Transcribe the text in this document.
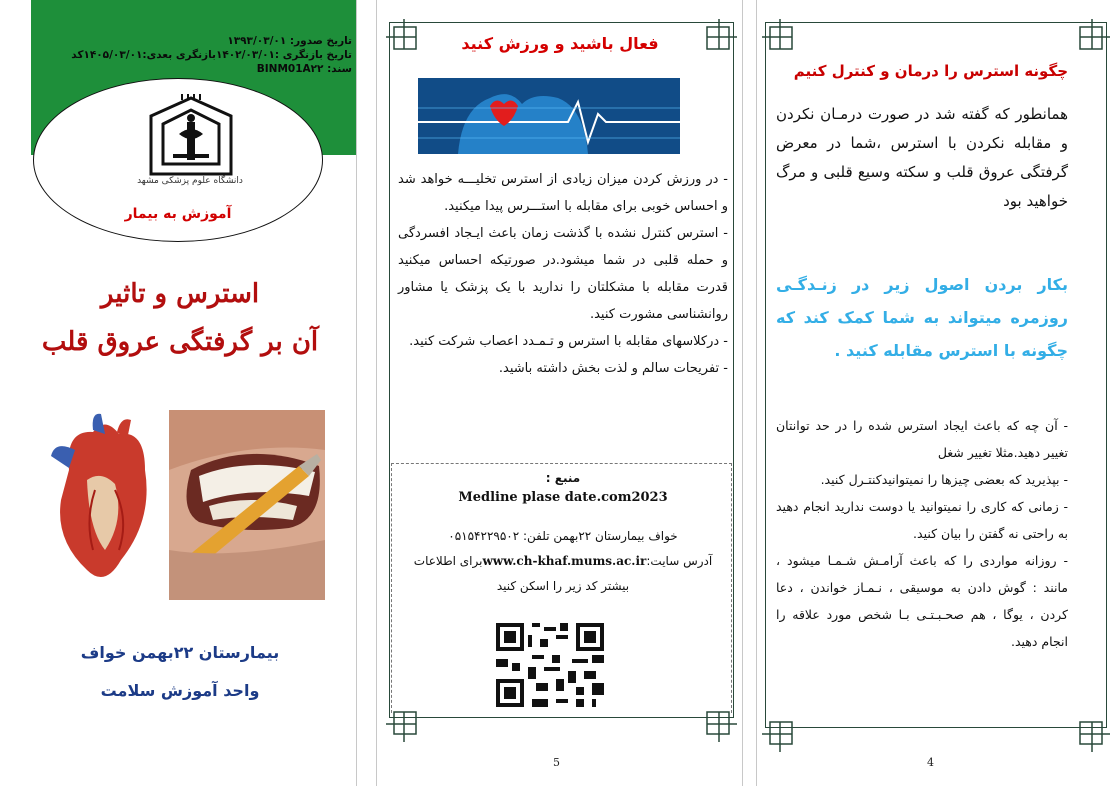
تاریخ صدور: ۱۳۹۳/۰۳/۰۱
تاریخ بازنگری :۱۴۰۲/۰۳/۰۱بازنگری بعدی:۱۴۰۵/۰۳/۰۱کد
سند: BINM01A۲۲
دانشگاه علوم پزشکی مشهد
آموزش به بیمار
استرس و تاثیر
آن بر گرفتگی عروق قلب
بیمارستان ۲۲بهمن خواف
واحد آموزش سلامت
فعال باشید و ورزش کنید

- در ورزش کردن میزان زیادی از استرس تخلیـــه خواهد شد و احساس خوبی برای مقابله با استـــرس پیدا میکنید.

- استرس کنترل نشده با گذشت زمان باعث ایـجاد افسردگی و حمله قلبی در شما میشود.در صورتیکه احساس میکنید قدرت مقابله با مشکلتان را ندارید با یک پزشک یا مشاور روانشناسی مشورت کنید.

- درکلاسهای مقابله با استرس و تـمـدد اعصاب شرکت کنید.

- تفریحات سالم و لذت بخش داشته باشید.

منبع :
Medline plase date.com2023
خواف بیمارستان ۲۲بهمن تلفن: ۰۵۱۵۴۲۲۹۵۰۲
آدرس سایت:www.ch-khaf.mums.ac.irبرای اطلاعات
بیشتر کد زیر را اسکن کنید
5
چگونه استرس را درمان و کنترل کنیم
همانطور که گفته شد در صورت درمـان نکردن و مقابله نکردن با استرس ،شما در معرض گرفتگی عروق قلب و سکته وسیع قلبی و مرگ خواهید بود
بکار بردن اصول زیر در زنـدگـی روزمره میتواند به شما کمک کند که چگونه با استرس مقابله کنید .

- آن چه که باعث ایجاد استرس شده را در حد توانتان تغییر دهید.مثلا تغییر شغل

- بپذیرید که بعضی چیزها را نمیتوانیدکنتـرل کنید.

- زمانی که کاری را نمیتوانید یا دوست ندارید انجام دهید به راحتی نه گفتن را بیان کنید.

- روزانه مواردی را که باعث آرامـش شـمـا میشود ، مانند : گوش دادن به موسیقی ، نـمـاز خواندن ، دعا کردن ، یوگا ، هم صحـبـتـی بـا شخص مورد علاقه را انجام دهید.

4
